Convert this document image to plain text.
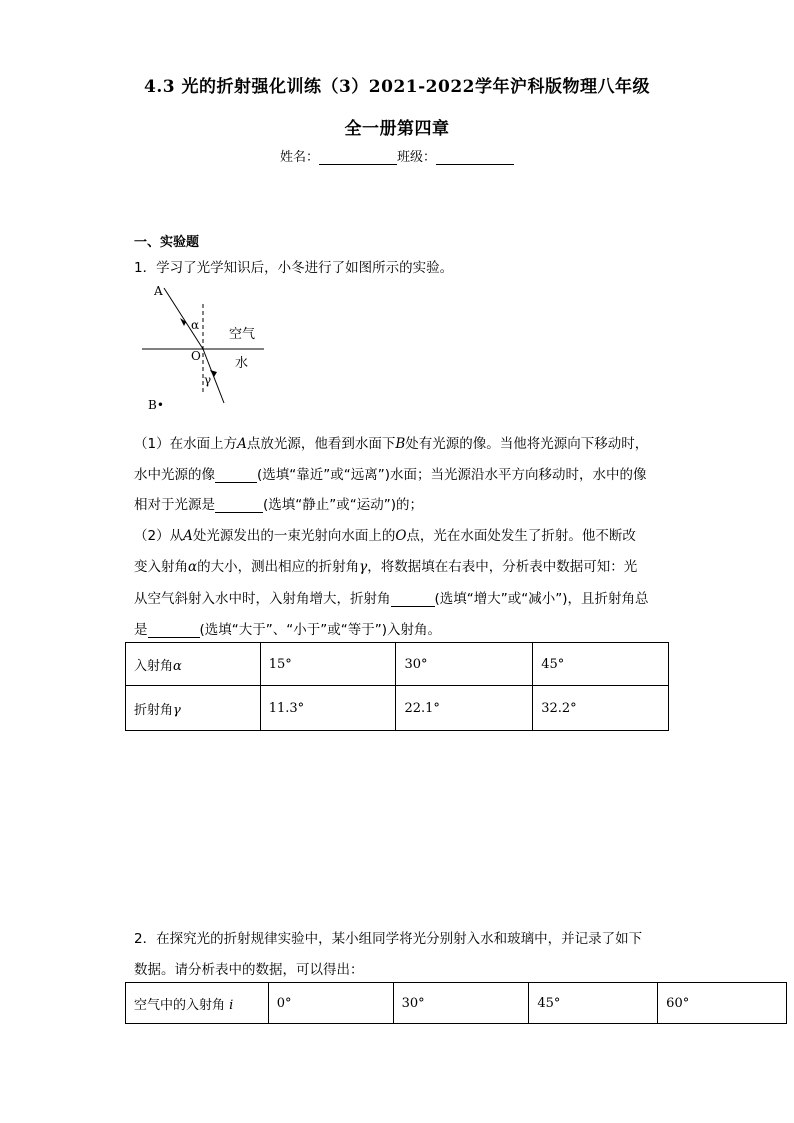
4.3 光的折射强化训练（3）2021-2022学年沪科版物理八年级
全一册第四章
姓名：	班级：
一、实验题
1．学习了光学知识后，小冬进行了如图所示的实验。
A
α
空气
O	水
γ
B•
（1）在水面上方A点放光源，他看到水面下B处有光源的像。当他将光源向下移动时，
水中光源的像	(选填“靠近”或“远离”)水面；当光源沿水平方向移动时，水中的像
相对于光源是	(选填“静止”或“运动”)的；
（2）从A处光源发出的一束光射向水面上的O点，光在水面处发生了折射。他不断改
变入射角α的大小，测出相应的折射角γ，将数据填在右表中，分析表中数据可知：光
从空气斜射入水中时，入射角增大，折射角	(选填“增大”或“减小”)，且折射角总
是	(选填“大于”、“小于”或“等于”)入射角。
入射角α	15°	30°	45°
折射角γ	11.3°	22.1°	32.2°
2．在探究光的折射规律实验中，某小组同学将光分别射入水和玻璃中，并记录了如下
数据。请分析表中的数据，可以得出：
空气中的入射角 i	0°	30°	45°	60°
